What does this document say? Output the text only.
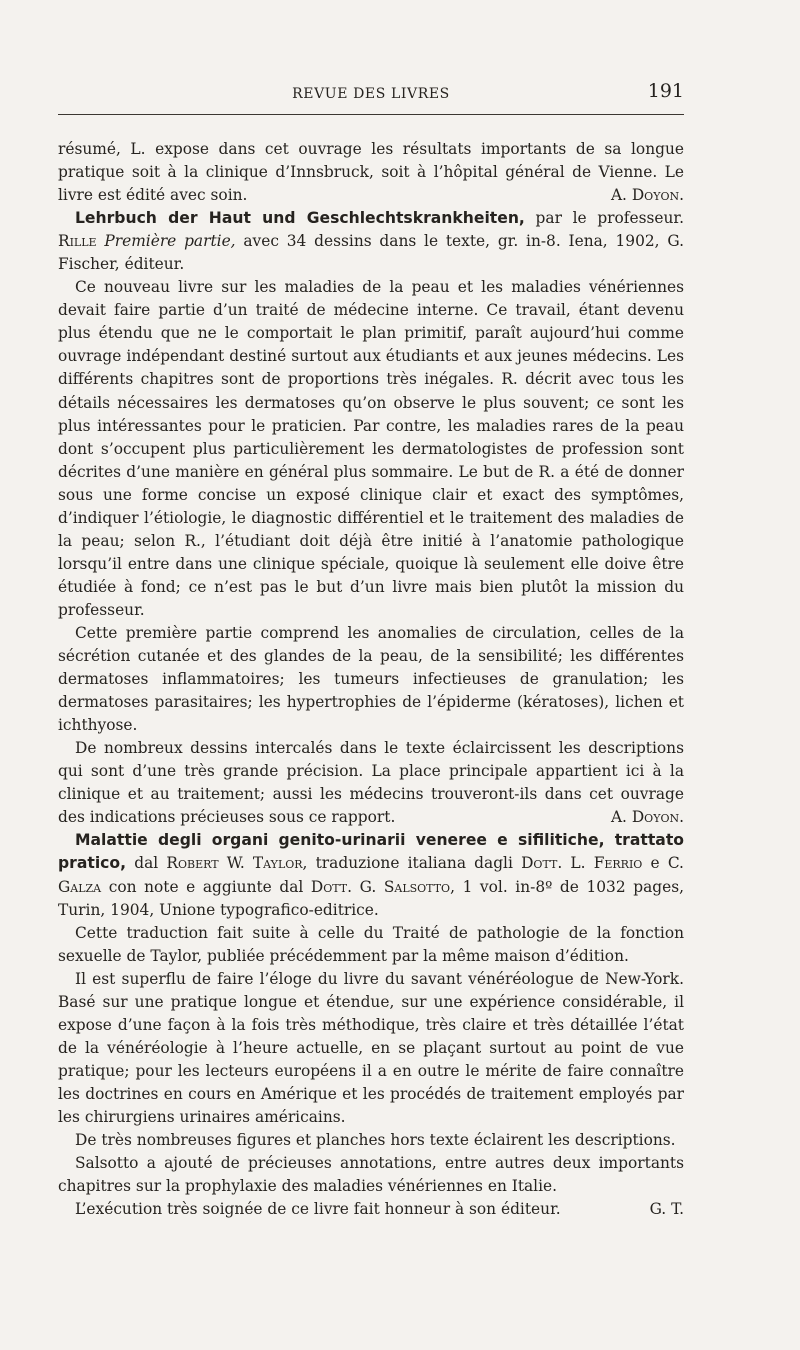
REVUE DES LIVRES	191

résumé, L. expose dans cet ouvrage les résultats importants de sa longue pratique soit à la clinique d’Innsbruck, soit à l’hôpital général de Vienne. Le livre est édité avec soin.	A. Doyon.

Lehrbuch der Haut und Geschlechtskrankheiten, par le professeur. Rille Première partie, avec 34 dessins dans le texte, gr. in-8. Iena, 1902, G. Fischer, éditeur.

Ce nouveau livre sur les maladies de la peau et les maladies vénériennes devait faire partie d’un traité de médecine interne. Ce travail, étant devenu plus étendu que ne le comportait le plan primitif, paraît aujourd’hui comme ouvrage indépendant destiné surtout aux étudiants et aux jeunes médecins. Les différents chapitres sont de proportions très inégales. R. décrit avec tous les détails nécessaires les dermatoses qu’on observe le plus souvent; ce sont les plus intéressantes pour le praticien. Par contre, les maladies rares de la peau dont s’occupent plus particulièrement les dermatologistes de profession sont décrites d’une manière en général plus sommaire. Le but de R. a été de donner sous une forme concise un exposé clinique clair et exact des symptômes, d’indiquer l’étiologie, le diagnostic différentiel et le traitement des maladies de la peau; selon R., l’étudiant doit déjà être initié à l’anatomie pathologique lorsqu’il entre dans une clinique spéciale, quoique là seulement elle doive être étudiée à fond; ce n’est pas le but d’un livre mais bien plutôt la mission du professeur.

Cette première partie comprend les anomalies de circulation, celles de la sécrétion cutanée et des glandes de la peau, de la sensibilité; les différentes dermatoses inflammatoires; les tumeurs infectieuses de granulation; les dermatoses parasitaires; les hypertrophies de l’épiderme (kératoses), lichen et ichthyose.

De nombreux dessins intercalés dans le texte éclaircissent les descriptions qui sont d’une très grande précision. La place principale appartient ici à la clinique et au traitement; aussi les médecins trouveront-ils dans cet ouvrage des indications précieuses sous ce rapport.	A. Doyon.

Malattie degli organi genito-urinarii veneree e sifilitiche, trattato pratico, dal Robert W. Taylor, traduzione italiana dagli Dott. L. Ferrio e C. Galza con note e aggiunte dal Dott. G. Salsotto, 1 vol. in-8º de 1032 pages, Turin, 1904, Unione typografico-editrice.

Cette traduction fait suite à celle du Traité de pathologie de la fonction sexuelle de Taylor, publiée précédemment par la même maison d’édition.

Il est superflu de faire l’éloge du livre du savant vénéréologue de New-York. Basé sur une pratique longue et étendue, sur une expérience considérable, il expose d’une façon à la fois très méthodique, très claire et très détaillée l’état de la vénéréologie à l’heure actuelle, en se plaçant surtout au point de vue pratique; pour les lecteurs européens il a en outre le mérite de faire connaître les doctrines en cours en Amérique et les procédés de traitement employés par les chirurgiens urinaires américains.

De très nombreuses figures et planches hors texte éclairent les descriptions.

Salsotto a ajouté de précieuses annotations, entre autres deux importants chapitres sur la prophylaxie des maladies vénériennes en Italie.

L’exécution très soignée de ce livre fait honneur à son éditeur.	G. T.
